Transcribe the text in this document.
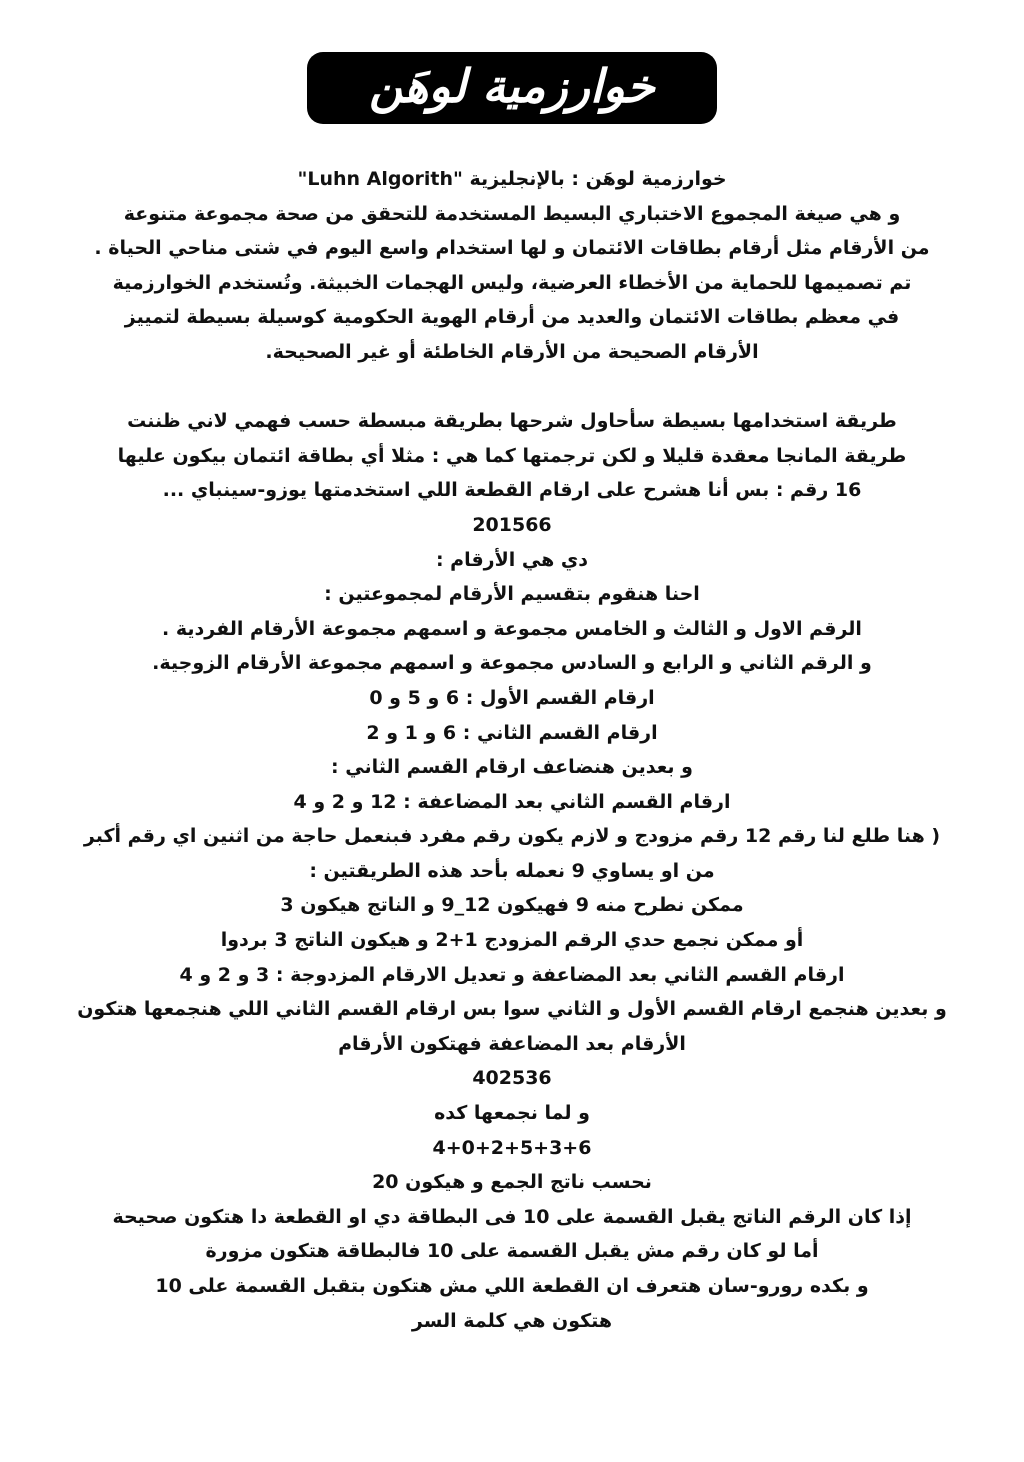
خوارزمية لوهَن
خوارزمية لوهَن : بالإنجليزية "Luhn Algorith"
و هي صيغة المجموع الاختباري البسيط المستخدمة للتحقق من صحة مجموعة متنوعة
من الأرقام مثل أرقام بطاقات الائتمان و لها استخدام واسع اليوم في شتى مناحي الحياة .
تم تصميمها للحماية من الأخطاء العرضية، وليس الهجمات الخبيثة. وتُستخدم الخوارزمية
في معظم بطاقات الائتمان والعديد من أرقام الهوية الحكومية كوسيلة بسيطة لتمييز
الأرقام الصحيحة من الأرقام الخاطئة أو غير الصحيحة.
طريقة استخدامها بسيطة سأحاول شرحها بطريقة مبسطة حسب فهمي لاني ظننت
طريقة المانجا معقدة قليلا و لكن ترجمتها كما هي : مثلا أي بطاقة ائتمان بيكون عليها
16 رقم : بس أنا هشرح على ارقام القطعة اللي استخدمتها يوزو-سينباي ...
201566
دي هي الأرقام :
احنا هنقوم بتقسيم الأرقام لمجموعتين :
الرقم الاول و الثالث و الخامس مجموعة و اسمهم مجموعة الأرقام الفردية .
و الرقم الثاني و الرابع و السادس مجموعة و اسمهم مجموعة الأرقام الزوجية.
ارقام القسم الأول : 6 و 5 و 0
ارقام القسم الثاني : 6 و 1 و 2
و بعدين هنضاعف ارقام القسم الثاني :
ارقام القسم الثاني بعد المضاعفة : 12 و 2 و 4
( هنا طلع لنا رقم 12 رقم مزودج و لازم يكون رقم مفرد فبنعمل حاجة من اثنين اي رقم أكبر
من او يساوي 9 نعمله بأحد هذه الطريقتين :
ممكن نطرح منه 9 فهيكون 12_9 و الناتج هيكون 3
أو ممكن نجمع حدي الرقم المزودج 1+2 و هيكون الناتج 3 بردوا
ارقام القسم الثاني بعد المضاعفة و تعديل الارقام المزدوجة : 3 و 2 و 4
و بعدين هنجمع ارقام القسم الأول و الثاني سوا بس ارقام القسم الثاني اللي هنجمعها هتكون
الأرقام بعد المضاعفة فهتكون الأرقام
402536
و لما نجمعها كده
4+0+2+5+3+6
نحسب ناتج الجمع و هيكون 20
إذا كان الرقم الناتج يقبل القسمة على 10 فى البطاقة دي او القطعة دا هتكون صحيحة
أما لو كان رقم مش يقبل القسمة على 10 فالبطاقة هتكون مزورة
و بكده رورو-سان هتعرف ان القطعة اللي مش هتكون بتقبل القسمة على 10
هتكون هي كلمة السر
